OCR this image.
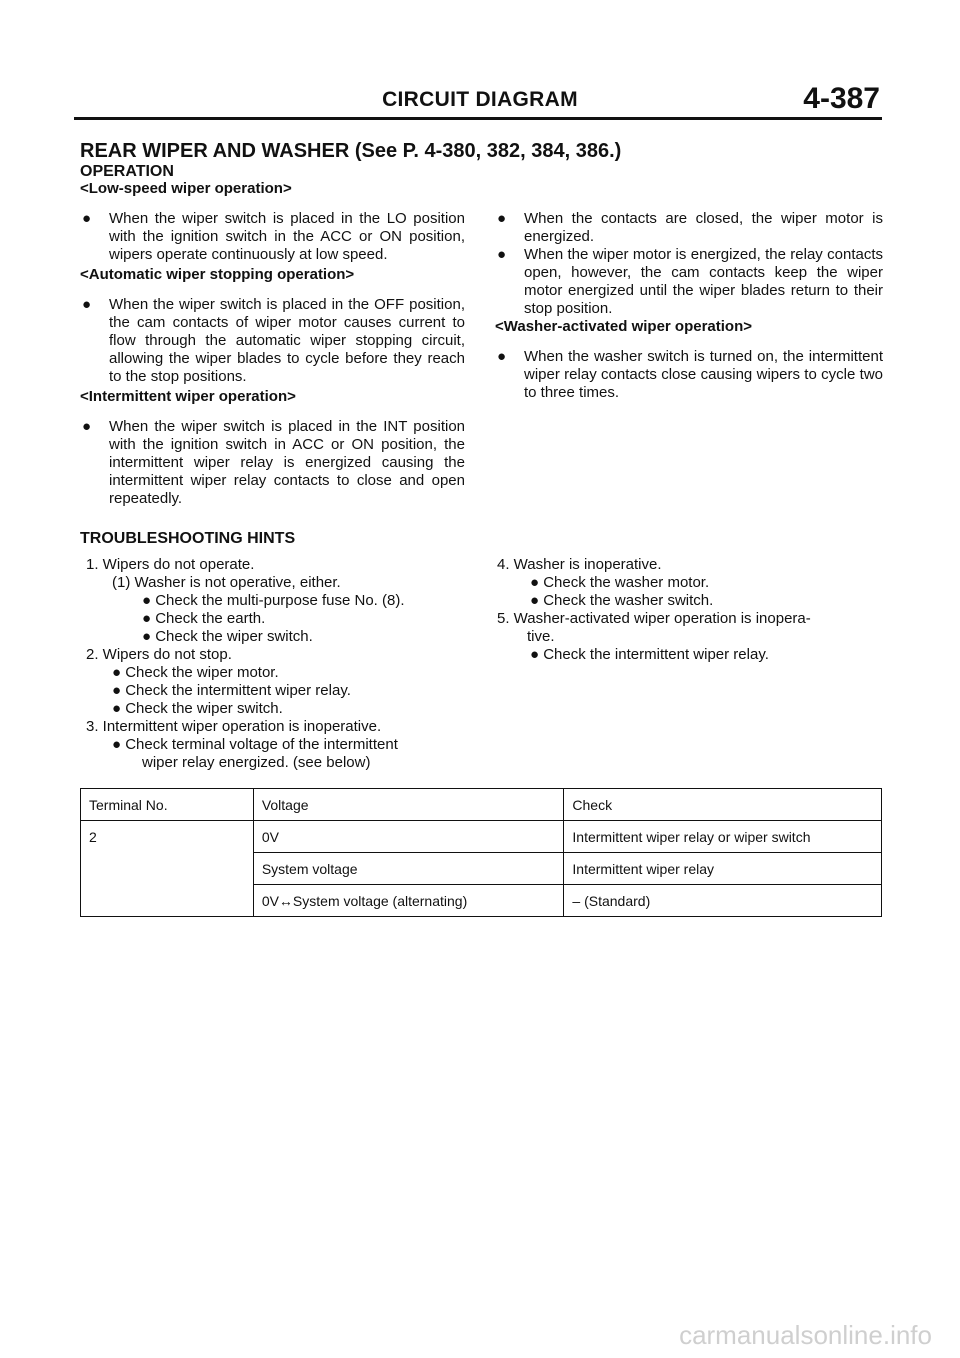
CIRCUIT DIAGRAM	4-387
REAR WIPER AND WASHER (See P. 4-380, 382, 384, 386.)
OPERATION

<Low-speed wiper operation>

●	When the wiper switch is placed in the LO position with the ignition switch in the ACC or ON position, wipers operate continuously at low speed.

<Automatic wiper stopping operation>

●	When the wiper switch is placed in the OFF position, the cam contacts of wiper motor causes current to flow through the automatic wiper stopping circuit, allowing the wiper blades to cycle before they reach to the stop positions.

<Intermittent wiper operation>

●	When the wiper switch is placed in the INT position with the ignition switch in ACC or ON position, the intermittent wiper relay is energized causing the intermittent wiper relay contacts to close and open repeatedly.
●	When the contacts are closed, the wiper motor is energized.
●	When the wiper motor is energized, the relay contacts open, however, the cam contacts keep the wiper motor energized until the wiper blades return to their stop position.

<Washer-activated wiper operation>

●	When the washer switch is turned on, the intermittent wiper relay contacts close causing wipers to cycle two to three times.
TROUBLESHOOTING HINTS
1. Wipers do not operate.
(1) Washer is not operative, either.
● Check the multi-purpose fuse No. (8).
● Check the earth.
● Check the wiper switch.
2. Wipers do not stop.
● Check the wiper motor.
● Check the intermittent wiper relay.
● Check the wiper switch.
3. Intermittent wiper operation is inoperative.
● Check terminal voltage of the intermittent
wiper relay energized. (see below)
4. Washer is inoperative.
● Check the washer motor.
● Check the washer switch.
5. Washer-activated wiper operation is inopera-
tive.
● Check the intermittent wiper relay.
Terminal No.	Voltage	Check
2	0V	Intermittent wiper relay or wiper switch
	System voltage	Intermittent wiper relay
	0V↔System voltage (alternating)	– (Standard)
carmanualsonline.info
